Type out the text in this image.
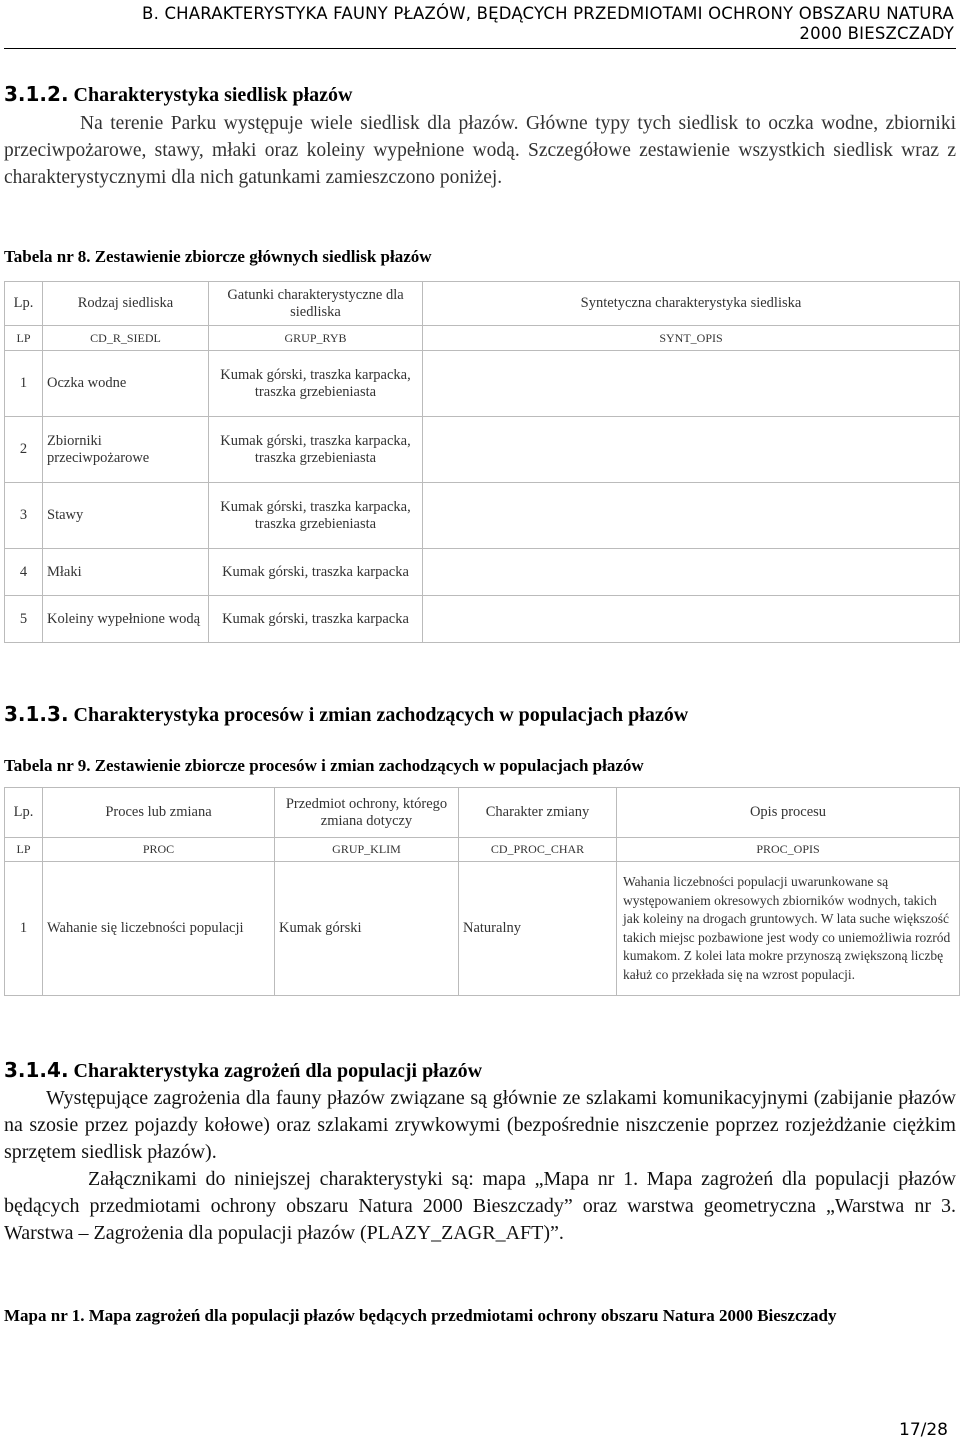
B. CHARAKTERYSTYKA FAUNY PŁAZÓW, BĘDĄCYCH PRZEDMIOTAMI OCHRONY OBSZARU NATURA
2000 BIESZCZADY
3.1.2. Charakterystyka siedlisk płazów
Na terenie Parku występuje wiele siedlisk dla płazów. Główne typy tych siedlisk to oczka wodne, zbiorniki przeciwpożarowe, stawy, młaki oraz koleiny wypełnione wodą. Szczegółowe zestawienie wszystkich siedlisk wraz z charakterystycznymi dla nich gatunkami zamieszczono poniżej.
Tabela nr 8. Zestawienie zbiorcze głównych siedlisk płazów
Lp.	Rodzaj siedliska	Gatunki charakterystyczne dla siedliska	Syntetyczna charakterystyka siedliska
LP	CD_R_SIEDL	GRUP_RYB	SYNT_OPIS
1	Oczka wodne	Kumak górski, traszka karpacka, traszka grzebieniasta	
2	Zbiorniki przeciwpożarowe	Kumak górski, traszka karpacka, traszka grzebieniasta	
3	Stawy	Kumak górski, traszka karpacka, traszka grzebieniasta	
4	Młaki	Kumak górski, traszka karpacka	
5	Koleiny wypełnione wodą	Kumak górski, traszka karpacka	
3.1.3. Charakterystyka procesów i zmian zachodzących w populacjach płazów
Tabela nr 9. Zestawienie zbiorcze procesów i zmian zachodzących w populacjach płazów
Lp.	Proces lub zmiana	Przedmiot ochrony, którego zmiana dotyczy	Charakter zmiany	Opis procesu
LP	PROC	GRUP_KLIM	CD_PROC_CHAR	PROC_OPIS
1	Wahanie się liczebności populacji	Kumak górski	Naturalny	Wahania liczebności populacji uwarunkowane są występowaniem okresowych zbiorników wodnych, takich jak koleiny na drogach gruntowych. W lata suche większość takich miejsc pozbawione jest wody co uniemożliwia rozród kumakom. Z kolei lata mokre przynoszą zwiększoną liczbę kałuż co przekłada się na wzrost populacji.
3.1.4. Charakterystyka zagrożeń dla populacji płazów
Występujące zagrożenia dla fauny płazów związane są głównie ze szlakami komunikacyjnymi (zabijanie płazów na szosie przez pojazdy kołowe) oraz szlakami zrywkowymi (bezpośrednie niszczenie poprzez rozjeżdżanie ciężkim sprzętem siedlisk płazów).
Załącznikami do niniejszej charakterystyki są: mapa „Mapa nr 1. Mapa zagrożeń dla populacji płazów będących przedmiotami ochrony obszaru Natura 2000 Bieszczady” oraz warstwa geometryczna „Warstwa nr 3. Warstwa – Zagrożenia dla populacji płazów (PLAZY_ZAGR_AFT)”.
Mapa nr 1. Mapa zagrożeń dla populacji płazów będących przedmiotami ochrony obszaru Natura 2000 Bieszczady
17/28
